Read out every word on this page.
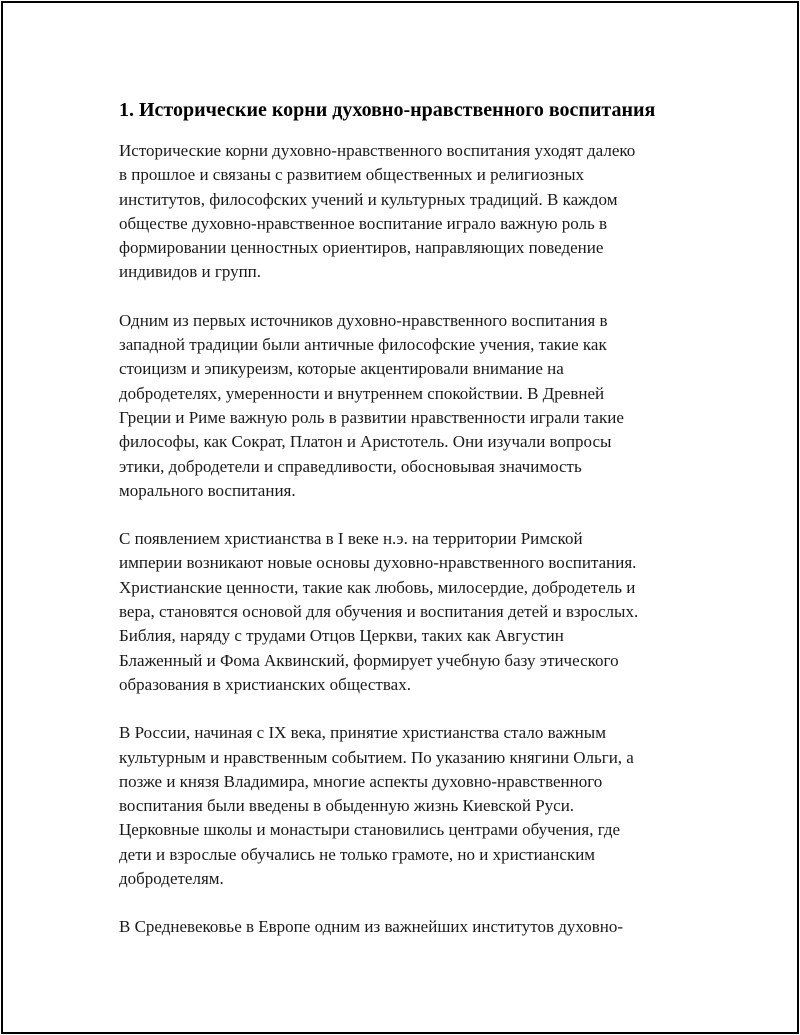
1. Исторические корни духовно-нравственного воспитания

Исторические корни духовно-нравственного воспитания уходят далеко
в прошлое и связаны с развитием общественных и религиозных
институтов, философских учений и культурных традиций. В каждом
обществе духовно-нравственное воспитание играло важную роль в
формировании ценностных ориентиров, направляющих поведение
индивидов и групп.

Одним из первых источников духовно-нравственного воспитания в
западной традиции были античные философские учения, такие как
стоицизм и эпикуреизм, которые акцентировали внимание на
добродетелях, умеренности и внутреннем спокойствии. В Древней
Греции и Риме важную роль в развитии нравственности играли такие
философы, как Сократ, Платон и Аристотель. Они изучали вопросы
этики, добродетели и справедливости, обосновывая значимость
морального воспитания.

С появлением христианства в I веке н.э. на территории Римской
империи возникают новые основы духовно-нравственного воспитания.
Христианские ценности, такие как любовь, милосердие, добродетель и
вера, становятся основой для обучения и воспитания детей и взрослых.
Библия, наряду с трудами Отцов Церкви, таких как Августин
Блаженный и Фома Аквинский, формирует учебную базу этического
образования в христианских обществах.

В России, начиная с IX века, принятие христианства стало важным
культурным и нравственным событием. По указанию княгини Ольги, а
позже и князя Владимира, многие аспекты духовно-нравственного
воспитания были введены в обыденную жизнь Киевской Руси.
Церковные школы и монастыри становились центрами обучения, где
дети и взрослые обучались не только грамоте, но и христианским
добродетелям.

В Средневековье в Европе одним из важнейших институтов духовно-
